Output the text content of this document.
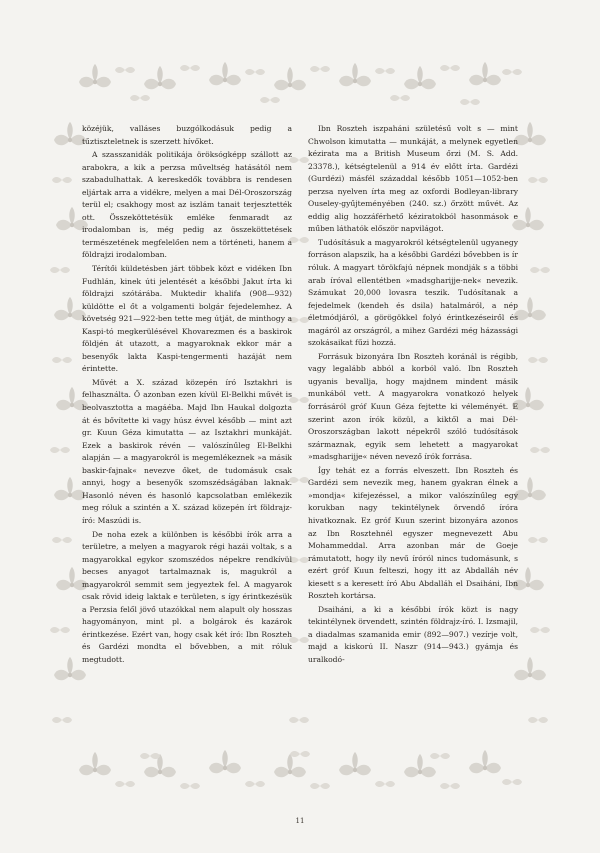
közéjük, valláses buzgólkodásuk pedig a tűztiszteletnek is szerzett hívőket.

A szasszanidák politikája öröksógképp szállott az arabokra, a kik a perzsa műveltség hatásától nem szabadulhattak. A kereskedők továbbra is rendesen eljártak arra a vidékre, melyen a mai Dél-Oroszország terül el; csakhogy most az iszlám tanait terjesztették ott. Összeköttetésük emléke fenmaradt az irodalomban is, még pedig az összeköttetések természetének megfelelően nem a történeti, hanem a földrajzi irodalomban.

Térítői küldetésben járt többek közt e vidéken Ibn Fudhlán, kinek úti jelentését a későbbi Jakut írta ki földrajzi szótárába. Muktedir khalifa (908—932) küldötte el őt a volgamenti bolgár fejedelemhez. A követség 921—922-ben tette meg útját, de minthogy a Kaspi-tó megkerülésével Khovarezmen és a baskirok földjén át utazott, a magyaroknak ekkor már a besenyők lakta Kaspi-tengermenti hazáját nem érintette.

Művét a X. század közepén író Isztakhri is felhasználta. Ő azonban ezen kívül El-Belkhi művét is beolvasztotta a magáéba. Majd Ibn Haukal dolgozta át és bővítette ki vagy húsz évvel később — mint azt gr. Kuun Géza kimutatta — az Isztakhri munkáját. Ezek a baskirok révén — valószínűleg El-Belkhi alapján — a magyarokról is megemlékeznek »a másik baskir-fajnak« nevezve őket, de tudomásuk csak annyi, hogy a besenyők szomszédságában laknak. Hasonló néven és hasonló kapcsolatban emlékezik meg róluk a szintén a X. század közepén írt földrajz-író: Maszúdi is.

De noha ezek a különben is későbbi írók arra a területre, a melyen a magyarok régi hazái voltak, s a magyarokkal egykor szomszédos népekre rendkívül becses anyagot tartalmaznak is, magukról a magyarokról semmit sem jegyeztek fel. A magyarok csak rövid ideig laktak e területen, s így érintkezésük a Perzsia felől jövő utazókkal nem alapult oly hosszas hagyományon, mint pl. a bolgárok és kazárok érintkezése. Ezért van, hogy csak két író: Ibn Roszteh és Gardézi mondta el bővebben, a mit róluk megtudott.

Ibn Roszteh iszpaháni születésű volt s — mint Chwolson kimutatta — munkáját, a melynek egyetlen kézirata ma a British Museum őrzi (M. S. Add. 23378.), kétségtelenül a 914 év előtt írta. Gardézi (Gurdézi) másfél századdal később 1051—1052-ben perzsa nyelven írta meg az oxfordi Bodleyan-library Ouseley-gyűjteményében (240. sz.) őrzött művét. Az eddig alig hozzáférhető kéziratokból hasonmások e műben láthatók először napvilágot.

Tudósításuk a magyarokról kétségtelenül ugyanegy forráson alapszik, ha a későbbi Gardézi bővebben is ír róluk. A magyart törökfajú népnek mondják s a többi arab íróval ellentétben »madsgharijje-nek« nevezik. Számukat 20,000 lovasra teszik. Tudósítanak a fejedelmek (kendeh és dsila) hatalmáról, a nép életmódjáról, a görögökkel folyó érintkezéseiről és magáról az országról, a mihez Gardézi még házassági szokásaikat fűzi hozzá.

Forrásuk bizonyára Ibn Roszteh koránál is régibb, vagy legalább abból a korból való. Ibn Roszteh ugyanis bevallja, hogy majdnem mindent másik munkából vett. A magyarokra vonatkozó helyek forrásáról gróf Kuun Géza fejtette ki véleményét. E szerint azon írók közül, a kiktől a mai Dél-Oroszországban lakott népekről szóló tudósítások származnak, egyik sem lehetett a magyarokat »madsgharijje« néven nevező írók forrása.

Így tehát ez a forrás elveszett. Ibn Roszteh és Gardézi sem nevezik meg, hanem gyakran élnek a »mondja« kifejezéssel, a mikor valószínűleg egy korukban nagy tekintélynek örvendő íróra hivatkoznak. Ez gróf Kuun szerint bizonyára azonos az Ibn Rosztehnél egyszer megnevezett Abu Mohammeddal. Arra azonban már de Goeje rámutatott, hogy ily nevű íróról nincs tudomásunk, s ezért gróf Kuun felteszi, hogy itt az Abdalláh név kiesett s a keresett író Abu Abdalláh el Dsaiháni, Ibn Roszteh kortársa.

Dsaiháni, a ki a későbbi írók közt is nagy tekintélynek örvendett, szintén földrajz-író. I. Izsmajil, a diadalmas szamanida emir (892—907.) vezírje volt, majd a kiskorú II. Naszr (914—943.) gyámja és uralkodó-

11
